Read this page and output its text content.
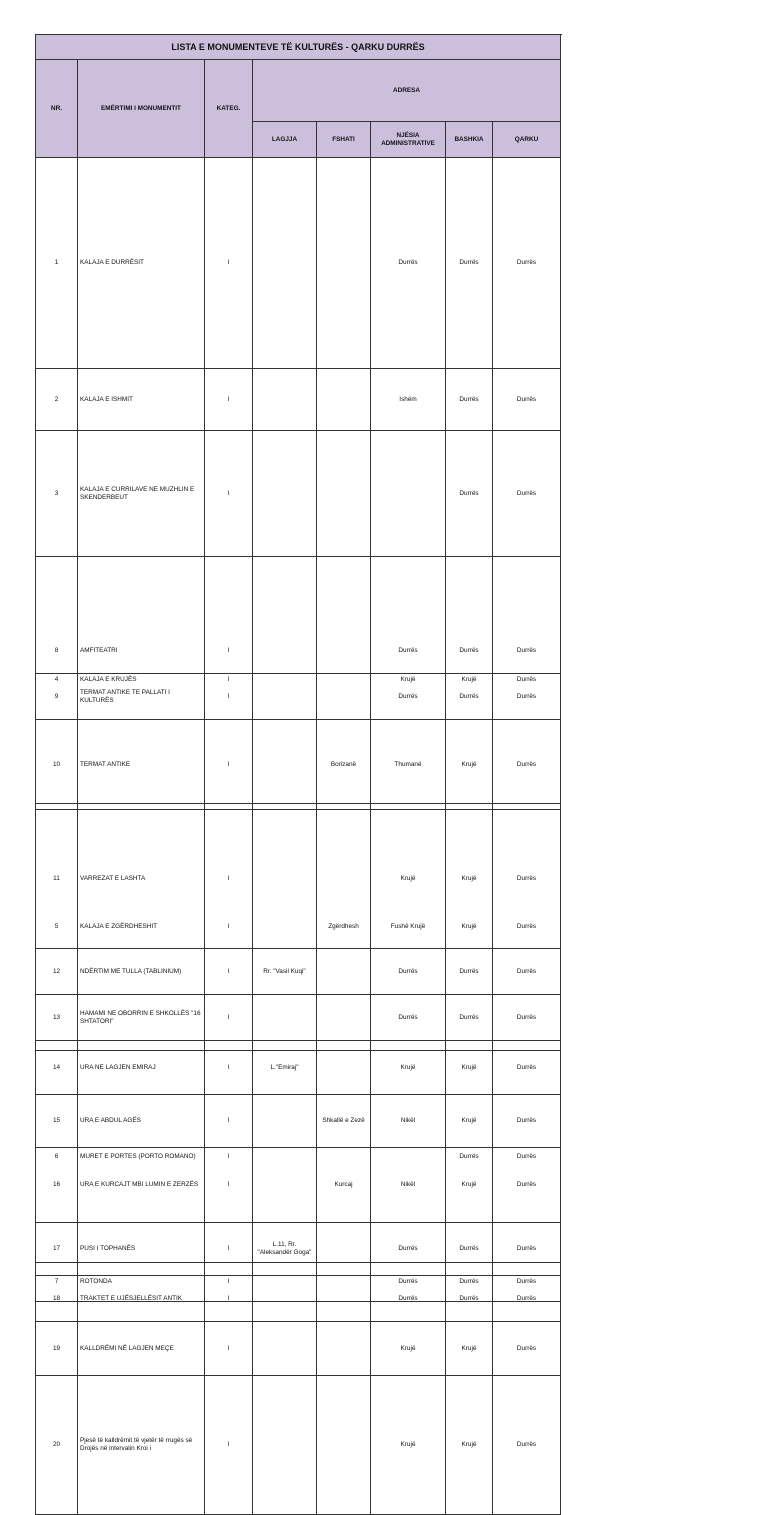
LISTA E MONUMENTEVE TË KULTURËS - QARKU DURRËS								
NR.	EMËRTIMI I MONUMENTIT	KATEG.	ADRESA	
			LAGJJA	FSHATI	NJËSIA ADMINISTRATIVE	BASHKIA	QARKU	
1	KALAJA E DURRËSIT	I			Durrës	Durrës	Durrës	
2	KALAJA E ISHMIT	I			Ishëm	Durrës	Durrës	
3	KALAJA E CURRILAVE NE MUZHLIN E SKENDERBEUT	I				Durrës	Durrës	
4	KALAJA E KRUJËS	I			Krujë	Krujë	Durrës	
5	KALAJA E ZGËRDHESHIT	I		Zgërdhesh	Fushë Krujë	Krujë	Durrës	
6	MURET E PORTES (PORTO ROMANO)	I				Durrës	Durrës	
7	ROTONDA	I			Durrës	Durrës	Durrës	
8	AMFITEATRI	I			Durrës	Durrës	Durrës	
9	TERMAT ANTIKE TE PALLATI I KULTURËS	I			Durrës	Durrës	Durrës	
10	TERMAT ANTIKE	I		Borizanë	Thumanë	Krujë	Durrës	
11	VARREZAT E LASHTA	I			Krujë	Krujë	Durrës	
12	NDËRTIM ME TULLA (TABLINIUM)	I	Rr. "Vasil Kuqi"		Durrës	Durrës	Durrës	
13	HAMAMI NE OBORRIN E SHKOLLËS "16 SHTATORI"	I			Durrës	Durrës	Durrës	
14	URA NE LAGJEN EMIRAJ	I	L."Emiraj"		Krujë	Krujë	Durrës	
15	URA E ABDUL AGËS	I		Shkallë e Zezë	Nikël	Krujë	Durrës	
16	URA E KURCAJT MBI LUMIN E ZERZËS	I		Kurcaj	Nikël	Krujë	Durrës	
17	PUSI I TOPHANËS	I	L.11, Rr. "Aleksandër Goga"		Durrës	Durrës	Durrës	
18	TRAKTET E UJËSJELLËSIT ANTIK	I			Durrës	Durrës	Durrës	
19	KALLDRËMI NË LAGJEN MEÇE	I			Krujë	Krujë	Durrës	
20	Pjesë të kalldrëmit të vjetër të rrugës së Drojës në intervalin Kroi i	I			Krujë	Krujë	Durrës	
